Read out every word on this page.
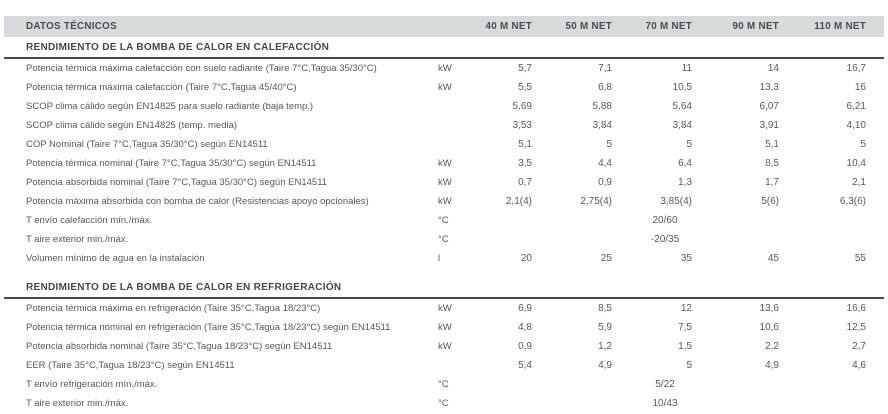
DATOS TÉCNICOS		40 M NET	50 M NET	70 M NET	90 M NET	110 M NET	
RENDIMIENTO DE LA BOMBA DE CALOR EN CALEFACCIÓN							
Potencia térmica máxima calefacción con suelo radiante (Taire 7°C,Tagua 35/30°C)	kW	5,7	7,1	11	14	16,7	
Potencia térmica máxima calefacción (Taire 7°C,Tagua 45/40°C)	kW	5,5	6,8	10,5	13,3	16	
SCOP clima cálido según EN14825 para suelo radiante (baja temp.)		5,69	5,88	5,64	6,07	6,21	
SCOP clima cálido según EN14825 (temp. media)		3,53	3,84	3,84	3,91	4,10	
COP Nominal (Taire 7°C,Tagua 35/30°C) según EN14511		5,1	5	5	5,1	5	
Potencia térmica nominal (Taire 7°C,Tagua 35/30°C) según EN14511	kW	3,5	4,4	6,4	8,5	10,4	
Potencia absorbida nominal (Taire 7°C,Tagua 35/30°C) según EN14511	kW	0,7	0,9	1,3	1,7	2,1	
Potencia máxima absorbida con bomba de calor (Resistencias apoyo opcionales)	kW	2,1(4)	2,75(4)	3,85(4)	5(6)	6,3(6)	
T envío calefacción mín./máx.	°C	20/60					
T aire exterior min./máx.	°C	-20/35					
Volumen mínimo de agua en la instalación	l	20	25	35	45	55	

RENDIMIENTO DE LA BOMBA DE CALOR EN REFRIGERACIÓN							
Potencia térmica máxima en refrigeración (Taire 35°C,Tagua 18/23°C)	kW	6,9	8,5	12	13,6	16,6	
Potencia térmica nominal en refrigeración (Taire 35°C,Tagua 18/23°C) según EN14511	kW	4,8	5,9	7,5	10,6	12,5	
Potencia absorbida nominal (Taire 35°C,Tagua 18/23°C) según EN14511	kW	0,9	1,2	1,5	2,2	2,7	
EER (Taire 35°C,Tagua 18/23°C) según EN14511		5,4	4,9	5	4,9	4,6	
T envío refrigeración mín./máx.	°C	5/22					
T aire exterior min./máx.	°C	10/43					
